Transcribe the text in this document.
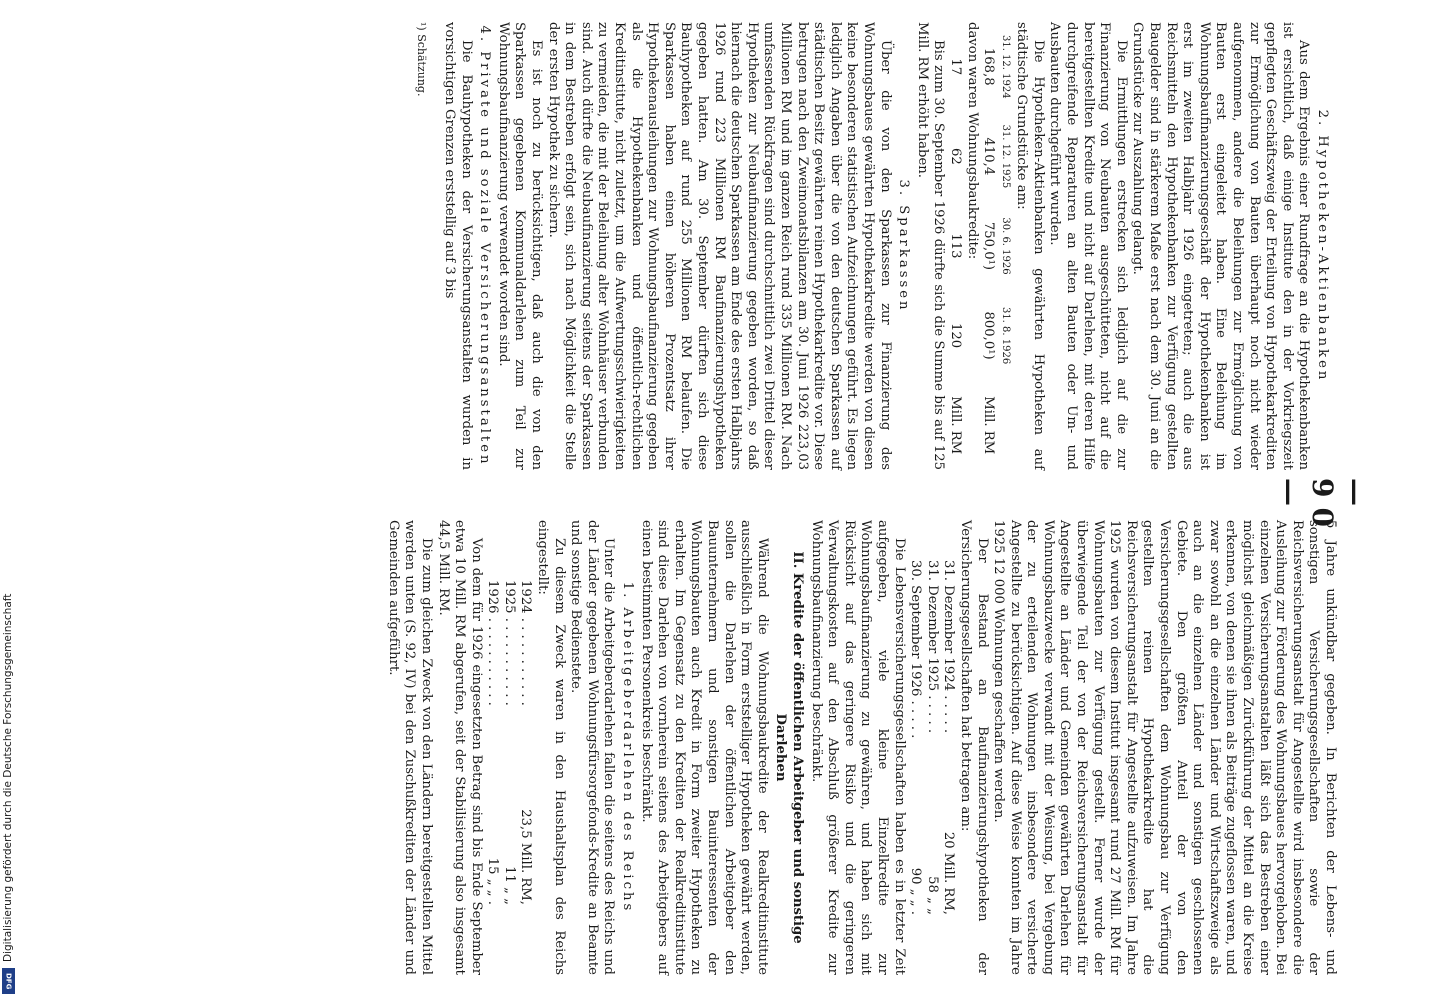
— 90 —

5 Jahre unkündbar gegeben. In Berichten der Lebens- und sonstigen Versicherungsgesellschaften sowie der Reichsversicherungsanstalt für Angestellte wird insbesondere die Ausleihung zur Förderung des Wohnungsbaues hervorgehoben. Bei einzelnen Versicherungsanstalten läßt sich das Bestreben einer möglichst gleichmäßigen Zurückführung der Mittel an die Kreise erkennen, von denen sie ihnen als Beiträge zugeflossen waren, und zwar sowohl an die einzelnen Länder und Wirtschaftszweige als auch an die einzelnen Länder und sonstigen geschlossenen Gebiete. Den größten Anteil der von den Versicherungsgesellschaften dem Wohnungsbau zur Verfügung gestellten reinen Hypothekarkredite hat die Reichsversicherungsanstalt für Angestellte aufzuweisen. Im Jahre 1925 wurden von diesem Institut insgesamt rund 27 Mill. RM für Wohnungsbauten zur Verfügung gestellt. Ferner wurde der überwiegende Teil der von der Reichsversicherungsanstalt für Angestellte an Länder und Gemeinden gewährten Darlehen für Wohnungsbauzwecke verwandt mit der Weisung, bei Vergebung der zu erteilenden Wohnungen insbesondere versicherte Angestellte zu berücksichtigen. Auf diese Weise konnten im Jahre 1925 12 000 Wohnungen geschaffen werden.

Der Bestand an Baufinanzierungshypotheken der Versicherungsgesellschaften hat betragen am:

31. Dezember 1924 . . . . .
20 Mill. RM,
31. Dezember 1925 . . . . .
58 „ „
30. September 1926 . . . . .
90 „ „ .

Die Lebensversicherungsgesellschaften haben es in letzter Zeit aufgegeben, viele kleine Einzelkredite zur Wohnungsbaufinanzierung zu gewähren, und haben sich mit Rücksicht auf das geringere Risiko und die geringeren Verwaltungskosten auf den Abschluß größerer Kredite zur Wohnungsbaufinanzierung beschränkt.

II. Kredite der öffentlichen Arbeitgeber und sonstige Darlehen

Während die Wohnungsbaukredite der Realkreditinstitute ausschließlich in Form erststelliger Hypotheken gewährt werden, sollen die Darlehen der öffentlichen Arbeitgeber den Bauunternehmern und sonstigen Bauinteressenten der Wohnungsbauten auch Kredit in Form zweiter Hypotheken zu erhalten. Im Gegensatz zu den Krediten der Realkreditinstitute sind diese Darlehen von vornherein seitens des Arbeitgebers auf einen bestimmten Personenkreis beschränkt.

1. Arbeitgeberdarlehen des Reichs

Unter die Arbeitgeberdarlehen fallen die seitens des Reichs und der Länder gegebenen Wohnungsfürsorgefonds-Kredite an Beamte und sonstige Bedienstete.

Zu diesem Zweck waren in den Haushaltsplan des Reichs eingestellt:

1924 . . . . . . . . . . .
23,5 Mill. RM,
1925 . . . . . . . . . . .
11 „ „
1926 . . . . . . . . . . .
15 „ „ .

Von dem für 1926 eingesetzten Betrag sind bis Ende September etwa 10 Mill. RM abgerufen, seit der Stabilisierung also insgesamt 44,5 Mill. RM.

Die zum gleichen Zweck von den Ländern bereitgestellten Mittel werden unten (S. 92, IV) bei den Zuschußkrediten der Länder und Gemeinden aufgeführt.

2. Hypotheken-Aktienbanken

Aus dem Ergebnis einer Rundfrage an die Hypothekenbanken ist ersichtlich, daß einige Institute den in der Vorkriegszeit gepflegten Geschäftszweig der Erteilung von Hypothekarkrediten zur Ermöglichung von Bauten überhaupt noch nicht wieder aufgenommen, andere die Beleihungen zur Ermöglichung von Bauten erst eingeleitet haben. Eine Beleihung im Wohnungsbaufinanzierungsgeschäft der Hypothekenbanken ist erst im zweiten Halbjahr 1926 eingetreten; auch die aus Reichsmitteln den Hypothekenbanken zur Verfügung gestellten Baugelder sind in stärkerem Maße erst nach dem 30. Juni an die Grundstücke zur Auszahlung gelangt.

Die Ermittlungen erstrecken sich lediglich auf die zur Finanzierung von Neubauten ausgeschütteten, nicht auf die bereitgestellten Kredite und nicht auf Darlehen, mit deren Hilfe durchgreifende Reparaturen an alten Bauten oder Um- und Ausbauten durchgeführt wurden.

Die Hypotheken-Aktienbanken gewährten Hypotheken auf städtische Grundstücke am:

31. 12. 1924
31. 12. 1925
30. 6. 1926
31. 8. 1926
168,8
410,4
750,0¹)
800,0¹)
Mill. RM

davon waren Wohnungsbaukredite:

17
62
113
120
Mill. RM

Bis zum 30. September 1926 dürfte sich die Summe bis auf 125 Mill. RM erhöht haben.

3. Sparkassen

Über die von den Sparkassen zur Finanzierung des Wohnungsbaues gewährten Hypothekarkredite werden von diesen keine besonderen statistischen Aufzeichnungen geführt. Es liegen lediglich Angaben über die von den deutschen Sparkassen auf städtischen Besitz gewährten reinen Hypothekarkredite vor. Diese betrugen nach den Zweimonatsbilanzen am 30. Juni 1926 223,03 Millionen RM und im ganzen Reich rund 335 Millionen RM. Nach umfassenden Rückfragen sind durchschnittlich zwei Drittel dieser Hypotheken zur Neubaufinanzierung gegeben worden, so daß hiernach die deutschen Sparkassen am Ende des ersten Halbjahrs 1926 rund 223 Millionen RM Baufinanzierungshypotheken gegeben hatten. Am 30. September dürften sich diese Bauhypotheken auf rund 255 Millionen RM belaufen. Die Sparkassen haben einen höheren Prozentsatz ihrer Hypothekenausleihungen zur Wohnungsbaufinanzierung gegeben als die Hypothekenbanken und öffentlich-rechtlichen Kreditinstitute, nicht zuletzt, um die Aufwertungsschwierigkeiten zu vermeiden, die mit der Beleihung alter Wohnhäuser verbunden sind. Auch dürfte die Neubaufinanzierung seitens der Sparkassen in dem Bestreben erfolgt sein, sich nach Möglichkeit die Stelle der ersten Hypothek zu sichern.

Es ist noch zu berücksichtigen, daß auch die von den Sparkassen gegebenen Kommunaldarlehen zum Teil zur Wohnungsbaufinanzierung verwendet worden sind.

4. Private und soziale Versicherungsanstalten

Die Bauhypotheken der Versicherungsanstalten wurden in vorsichtigen Grenzen erststellig auf 3 bis

¹) Schätzung.
Digitalisierung gefördert durch die Deutsche Forschungsgemeinschaft
DFG
